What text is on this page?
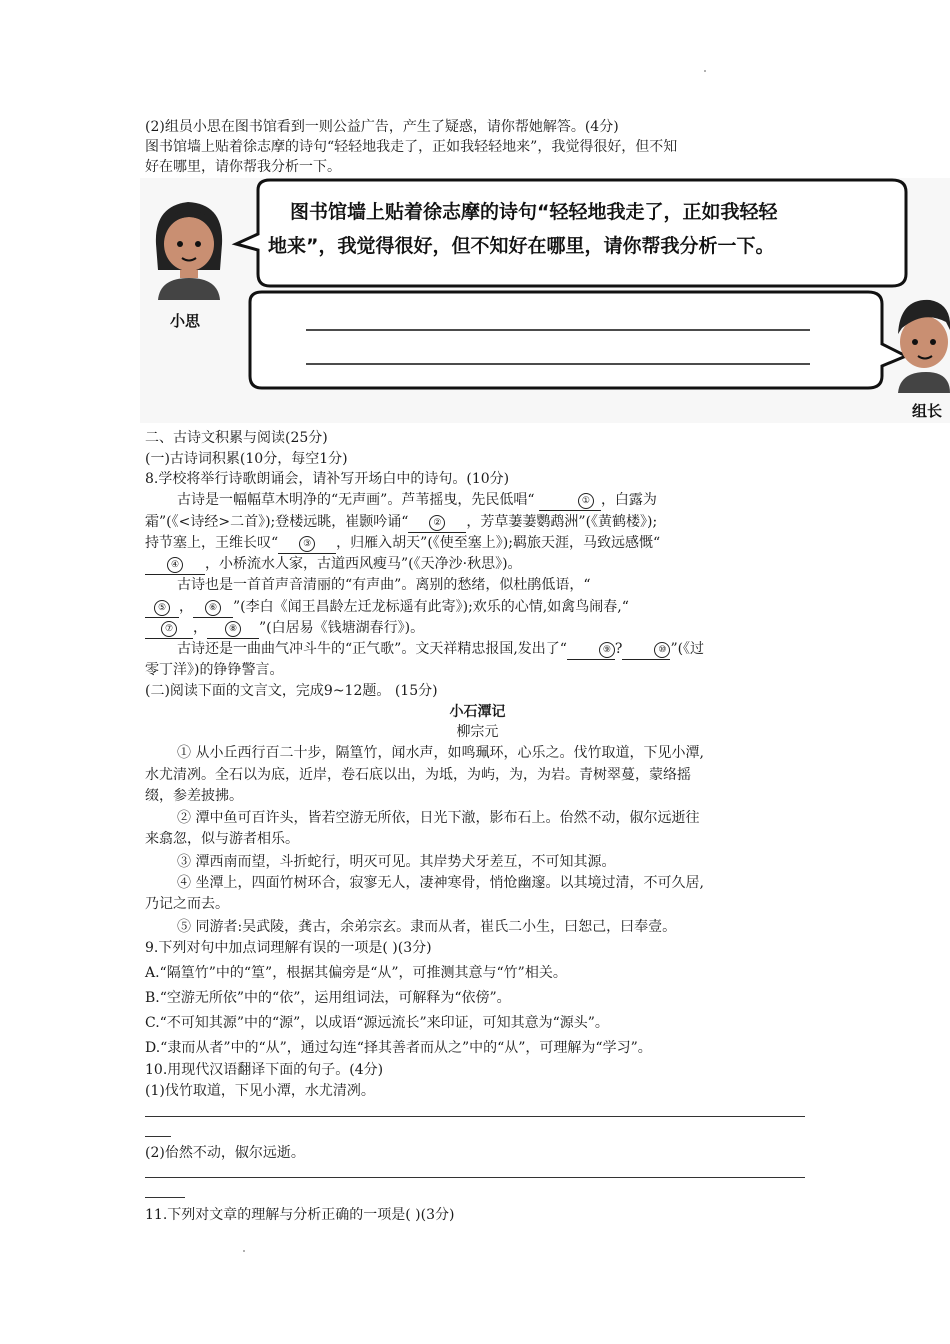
(2)组员小思在图书馆看到一则公益广告，产生了疑惑，请你帮她解答。(4分)
图书馆墙上贴着徐志摩的诗句“轻轻地我走了，正如我轻轻地来”，我觉得很好，但不知
好在哪里，请你帮我分析一下。
图书馆墙上贴着徐志摩的诗句“轻轻地我走了，正如我轻轻
地来”，我觉得很好，但不知好在哪里，请你帮我分析一下。
小思
组长
二、古诗文积累与阅读(25分)
(一)古诗词积累(10分，每空1分)
8.学校将举行诗歌朗诵会，请补写开场白中的诗句。(10分)
古诗是一幅幅草木明净的“无声画”。芦苇摇曳，先民低唱“	① ，白露为
霜”(《<诗经>二首》);登楼远眺，崔颢吟诵“	② ，芳草萋萋鹦鹉洲”(《黄鹤楼》);
持节塞上，王维长叹“	③ ，归雁入胡天”(《使至塞上》);羁旅天涯，马致远感慨“
④ ，小桥流水人家，古道西风瘦马”(《天净沙·秋思》)。
古诗也是一首首声音清丽的“有声曲”。离别的愁绪，似杜鹃低语，“
⑤ ， ⑥ ”(李白《闻王昌龄左迁龙标遥有此寄》);欢乐的心情,如禽鸟闹春,“
⑦ ， ⑧ ”(白居易《钱塘湖春行》)。
古诗还是一曲曲气冲斗牛的“正气歌”。文天祥精忠报国,发出了“	⑨ ?	⑩ ”(《过
零丁洋》)的铮铮警言。
(二)阅读下面的文言文，完成9~12题。 (15分)
小石潭记
柳宗元
① 从小丘西行百二十步，隔篁竹，闻水声，如鸣珮环，心乐之。伐竹取道，下见小潭,
水尤清冽。全石以为底，近岸，卷石底以出，为坻，为屿，为，为岩。青树翠蔓，蒙络摇
缀，参差披拂。
② 潭中鱼可百许头，皆若空游无所依，日光下澈，影布石上。佁然不动，俶尔远逝往
来翕忽，似与游者相乐。
③ 潭西南而望，斗折蛇行，明灭可见。其岸势犬牙差互，不可知其源。
④ 坐潭上，四面竹树环合，寂寥无人，凄神寒骨，悄怆幽邃。以其境过清，不可久居,
乃记之而去。
⑤ 同游者:吴武陵，龚古，余弟宗玄。隶而从者，崔氏二小生，曰恕己，曰奉壹。
9.下列对句中加点词理解有误的一项是( )(3分)
A.“隔篁竹”中的“篁”，根据其偏旁是“从”，可推测其意与“竹”相关。
B.“空游无所依”中的“依”，运用组词法，可解释为“依傍”。
C.“不可知其源”中的“源”，以成语“源远流长”来印证，可知其意为“源头”。
D.“隶而从者”中的“从”，通过勾连“择其善者而从之”中的“从”，可理解为“学习”。
10.用现代汉语翻译下面的句子。(4分)
(1)伐竹取道，下见小潭，水尤清冽。
(2)佁然不动，俶尔远逝。
11.下列对文章的理解与分析正确的一项是( )(3分)
